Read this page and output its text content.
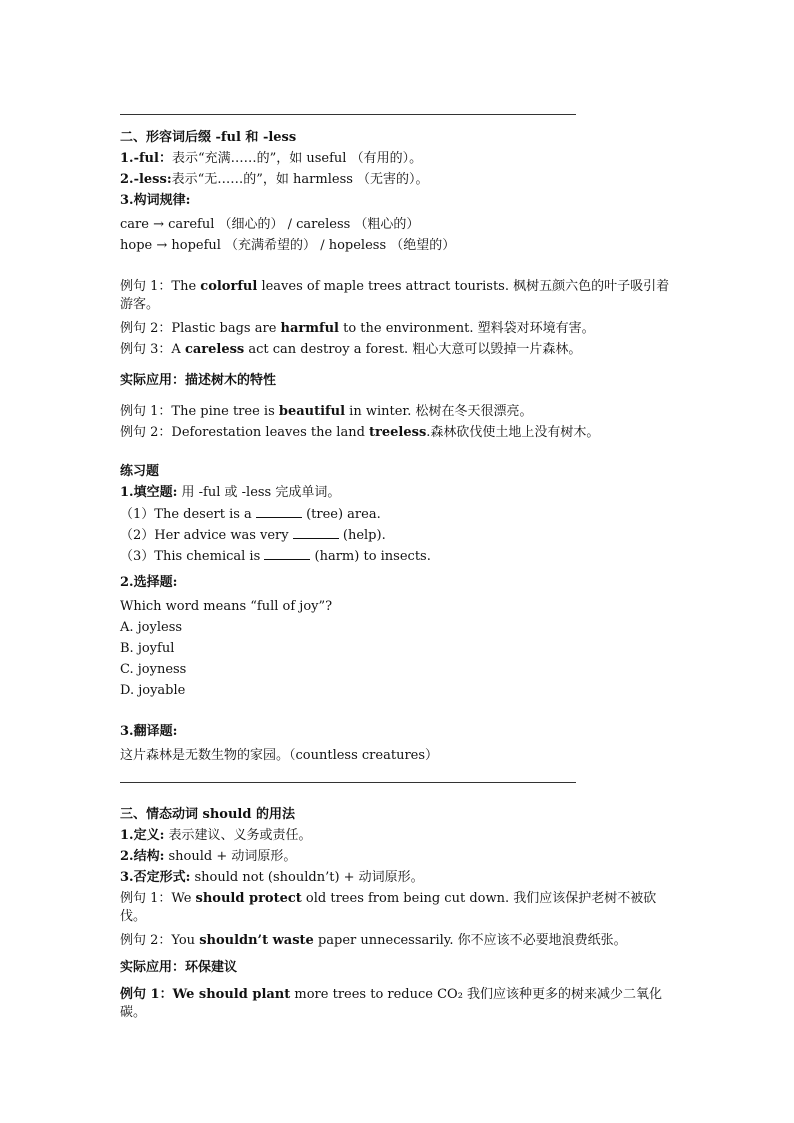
二、形容词后缀 -ful 和 -less
1.-ful：表示“充满……的”，如 useful （有用的）。
2.-less:表示“无……的”，如 harmless （无害的）。
3.构词规律:
care → careful （细心的） / careless （粗心的）
hope → hopeful （充满希望的） / hopeless （绝望的）
例句 1：The colorful leaves of maple trees attract tourists. 枫树五颜六色的叶子吸引着游客。
例句 2：Plastic bags are harmful to the environment. 塑料袋对环境有害。
例句 3：A careless act can destroy a forest. 粗心大意可以毁掉一片森林。
实际应用：描述树木的特性
例句 1：The pine tree is beautiful in winter. 松树在冬天很漂亮。
例句 2：Deforestation leaves the land treeless.森林砍伐使土地上没有树木。
练习题
1.填空题: 用 -ful 或 -less 完成单词。
（1）The desert is a	(tree) area.
（2）Her advice was very	(help).
（3）This chemical is	(harm) to insects.
2.选择题:
Which word means “full of joy”?
A. joyless
B. joyful
C. joyness
D. joyable
3.翻译题:
这片森林是无数生物的家园。（countless creatures）
三、情态动词 should 的用法
1.定义: 表示建议、义务或责任。
2.结构: should + 动词原形。
3.否定形式: should not (shouldn’t) + 动词原形。
例句 1：We should protect old trees from being cut down. 我们应该保护老树不被砍伐。
例句 2：You shouldn’t waste paper unnecessarily. 你不应该不必要地浪费纸张。
实际应用：环保建议
例句 1：We should plant more trees to reduce CO₂ 我们应该种更多的树来减少二氧化碳。
